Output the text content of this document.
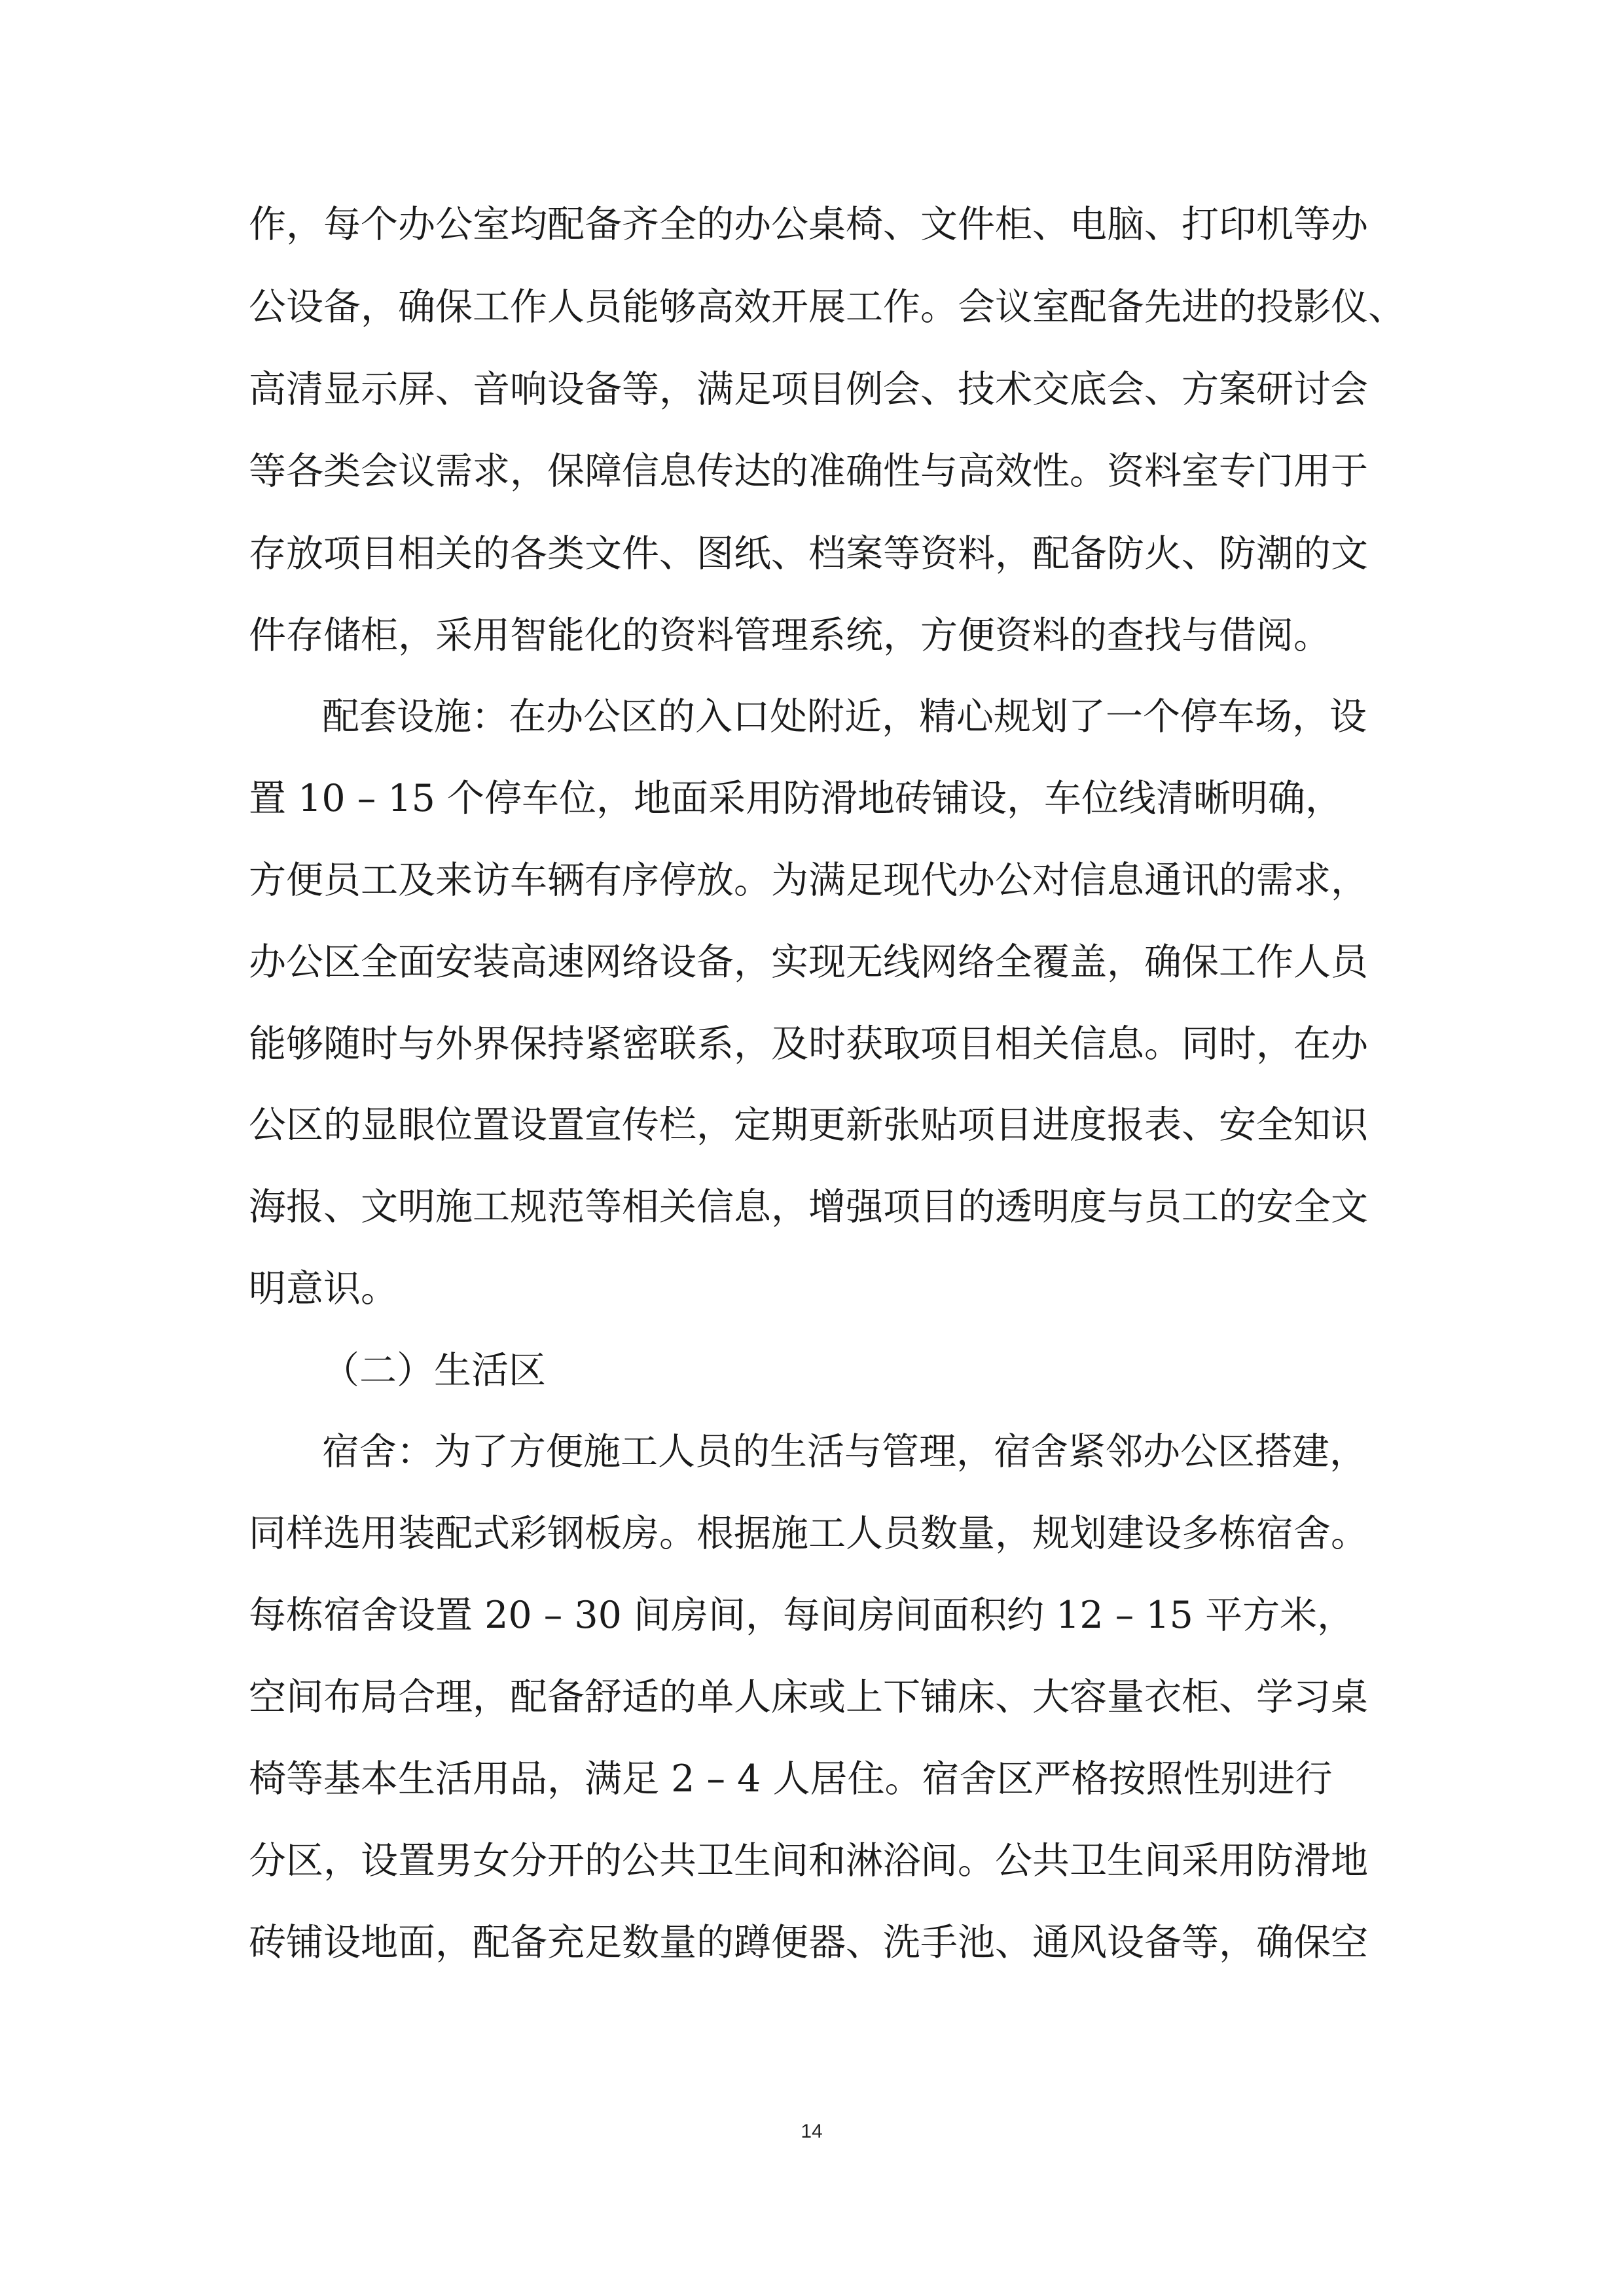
作，每个办公室均配备齐全的办公桌椅、文件柜、电脑、打印机等办
公设备，确保工作人员能够高效开展工作。会议室配备先进的投影仪、
高清显示屏、音响设备等，满足项目例会、技术交底会、方案研讨会
等各类会议需求，保障信息传达的准确性与高效性。资料室专门用于
存放项目相关的各类文件、图纸、档案等资料，配备防火、防潮的文
件存储柜，采用智能化的资料管理系统，方便资料的查找与借阅。
配套设施：在办公区的入口处附近，精心规划了一个停车场，设
置 10 – 15 个停车位，地面采用防滑地砖铺设，车位线清晰明确，
方便员工及来访车辆有序停放。为满足现代办公对信息通讯的需求，
办公区全面安装高速网络设备，实现无线网络全覆盖，确保工作人员
能够随时与外界保持紧密联系，及时获取项目相关信息。同时，在办
公区的显眼位置设置宣传栏，定期更新张贴项目进度报表、安全知识
海报、文明施工规范等相关信息，增强项目的透明度与员工的安全文
明意识。
（二）生活区
宿舍：为了方便施工人员的生活与管理，宿舍紧邻办公区搭建，
同样选用装配式彩钢板房。根据施工人员数量，规划建设多栋宿舍。
每栋宿舍设置 20 – 30 间房间，每间房间面积约 12 – 15 平方米，
空间布局合理，配备舒适的单人床或上下铺床、大容量衣柜、学习桌
椅等基本生活用品，满足 2 – 4 人居住。宿舍区严格按照性别进行
分区，设置男女分开的公共卫生间和淋浴间。公共卫生间采用防滑地
砖铺设地面，配备充足数量的蹲便器、洗手池、通风设备等，确保空
14
